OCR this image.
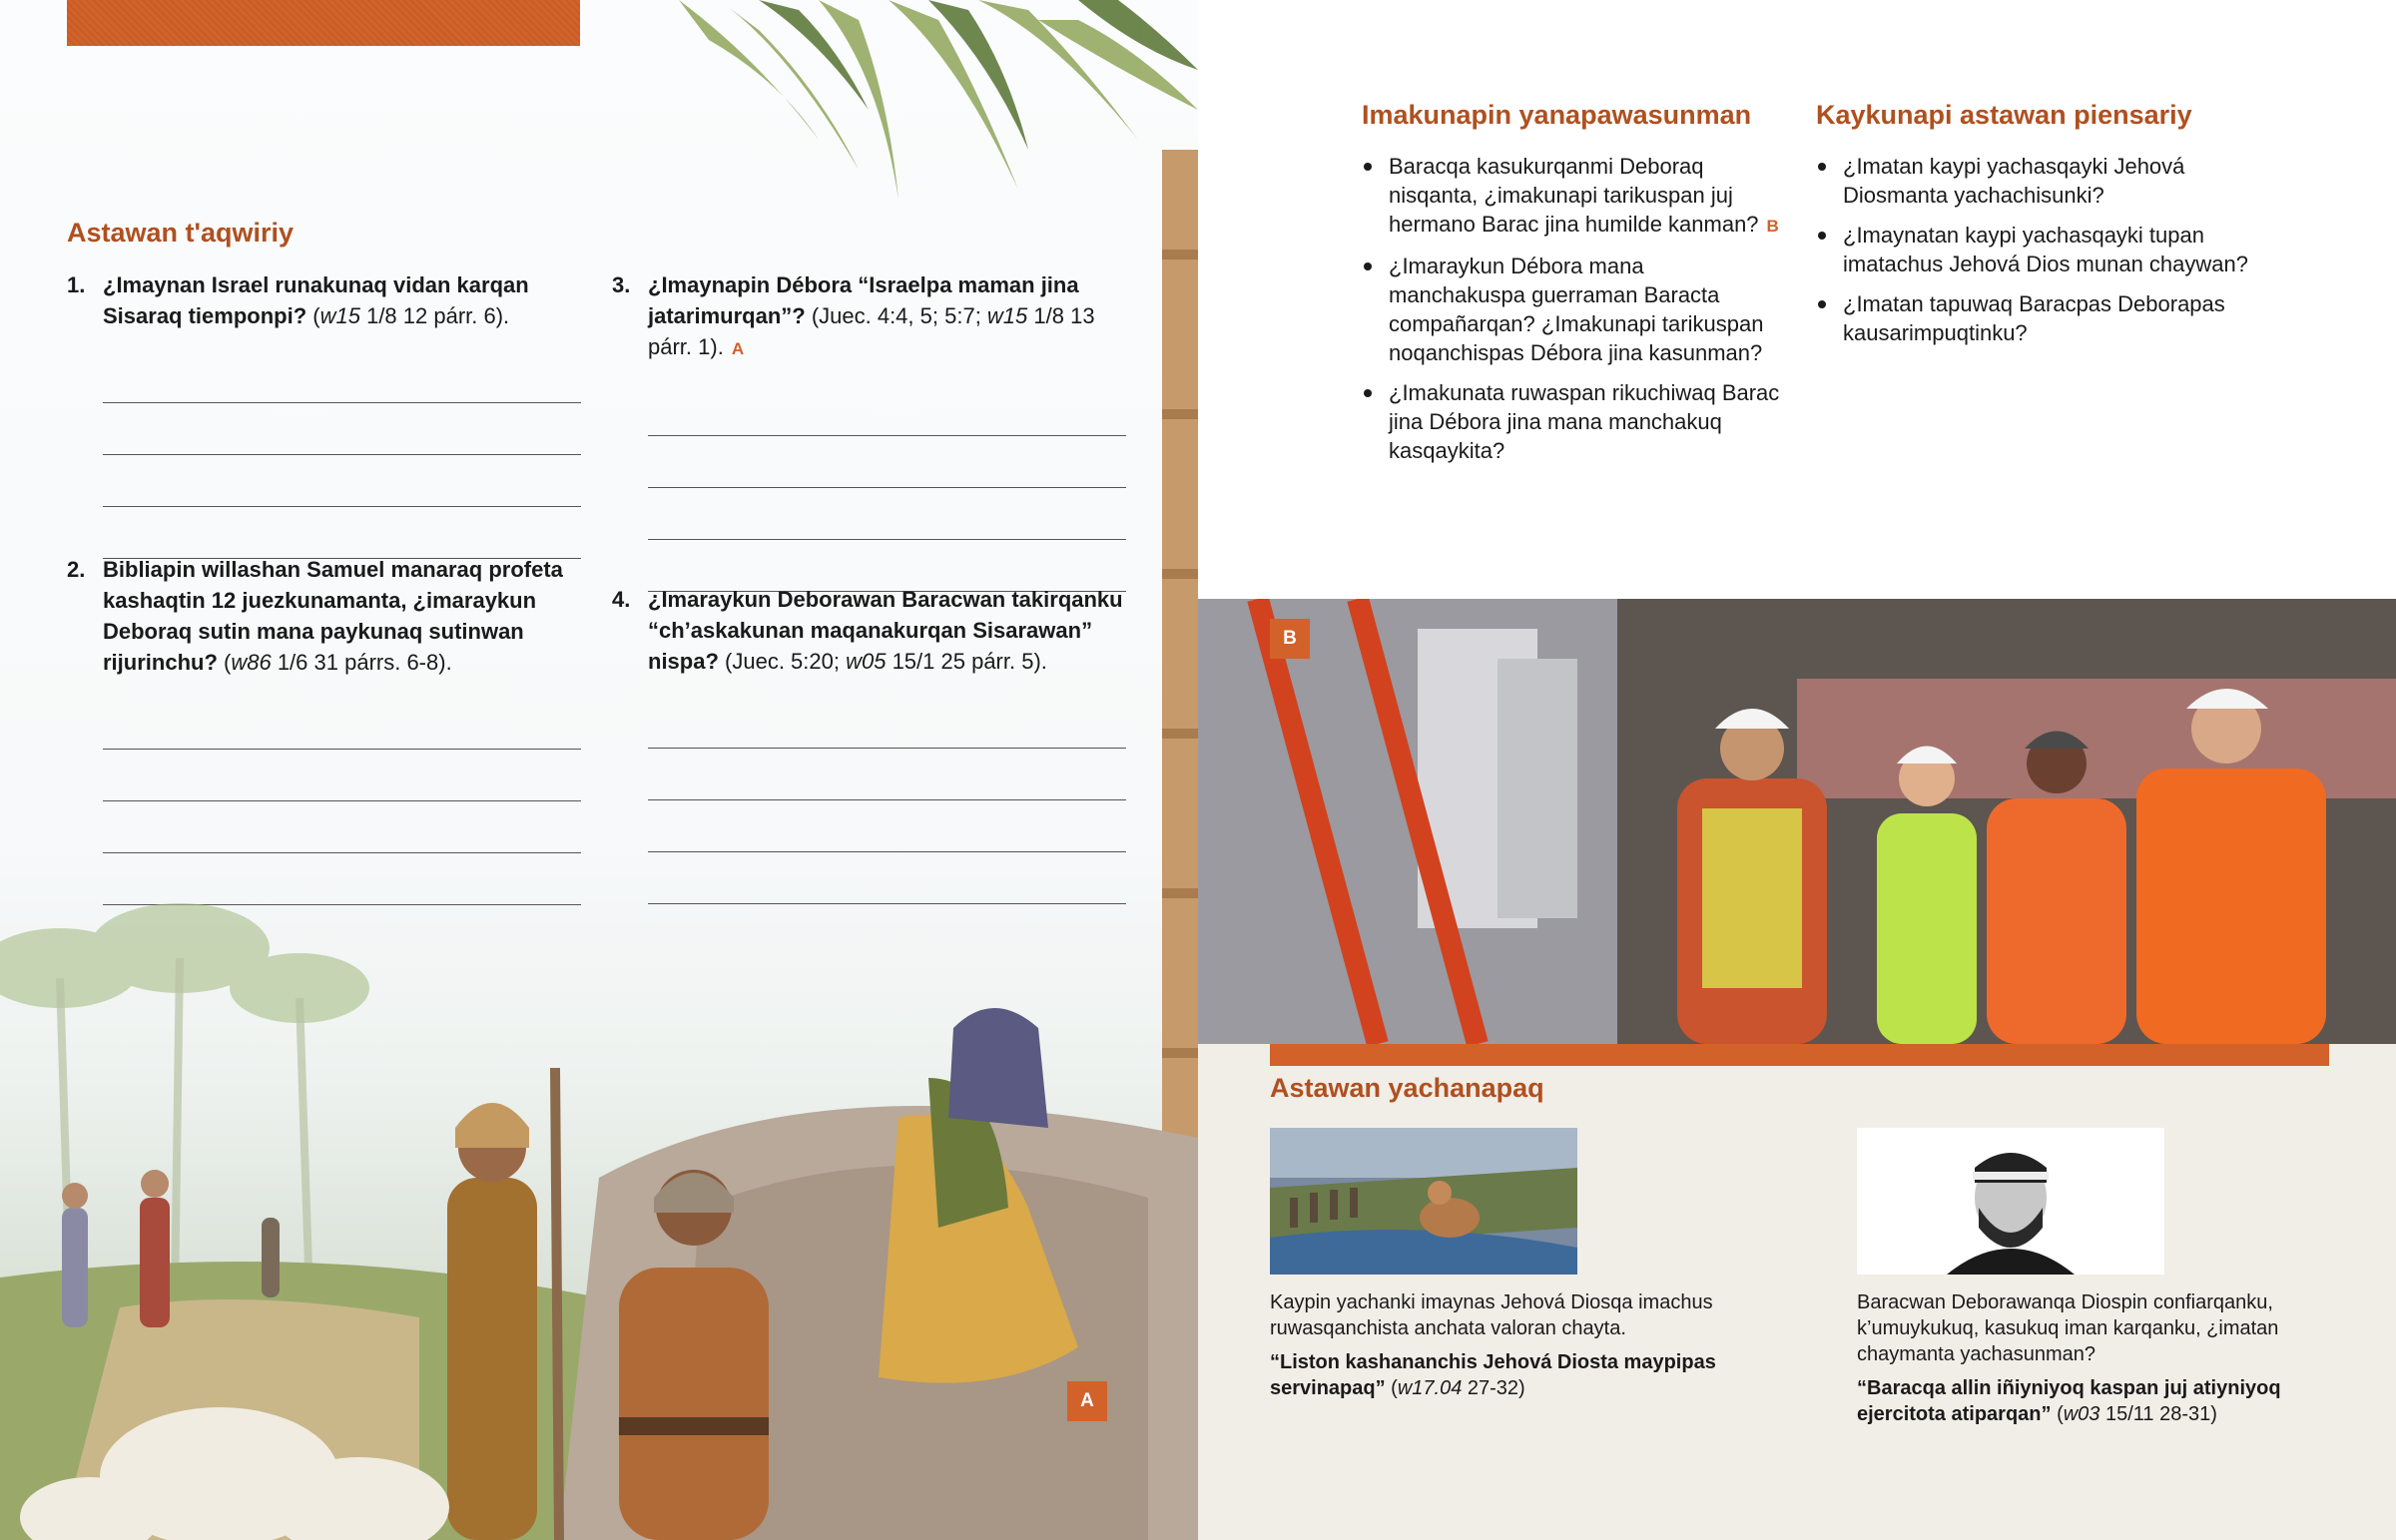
Astawan t'aqwiriy
1. ¿Imaynan Israel runakunaq vidan karqan Sisaraq tiemponpi? (w15 1/8 12 párr. 6).
2. Bibliapin willashan Samuel manaraq profeta kashaqtin 12 juezkunamanta, ¿imaraykun Deboraq sutin mana paykunaq sutinwan rijurinchu? (w86 1/6 31 párrs. 6-8).
3. ¿Imaynapin Débora “Israelpa maman jina jatarimurqan”? (Juec. 4:4, 5; 5:7; w15 1/8 13 párr. 1). A
4. ¿Imaraykun Deborawan Baracwan takirqanku “ch’askakunan maqanakurqan Sisarawan” nispa? (Juec. 5:20; w05 15/1 25 párr. 5).
A
Imakunapin yanapawasunman
Baracqa kasukurqanmi Deboraq nisqanta, ¿imakunapi tarikuspan juj hermano Barac jina humilde kanman? B
¿Imaraykun Débora mana manchakuspa guerraman Baracta compañarqan? ¿Imakunapi tarikuspan noqanchispas Débora jina kasunman?
¿Imakunata ruwaspan rikuchiwaq Barac jina Débora jina mana manchakuq kasqaykita?
Kaykunapi astawan piensariy
¿Imatan kaypi yachasqayki Jehová Diosmanta yachachisunki?
¿Imaynatan kaypi yachasqayki tupan imatachus Jehová Dios munan chaywan?
¿Imatan tapuwaq Baracpas Deborapas kausarimpuqtinku?
B
Astawan yachanapaq
Kaypin yachanki imaynas Jehová Diosqa imachus ruwasqanchista anchata valoran chayta.
“Liston kashananchis Jehová Diosta maypipas servinapaq” (w17.04 27-32)
Baracwan Deborawanqa Diospin confiarqanku, k’umuykukuq, kasukuq iman karqanku, ¿imatan chaymanta yachasunman?
“Baracqa allin iñiyniyoq kaspan juj atiyniyoq ejercitota atiparqan” (w03 15/11 28-31)
